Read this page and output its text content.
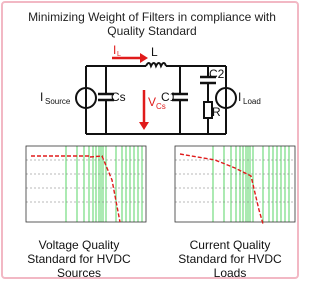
Minimizing Weight of Filters in compliance with
Quality Standard
L
Cs	C1
C2
R
I	I
Source	Load
I L
V Cs
Voltage Quality
Standard for HVDC
Sources
Current Quality
Standard for HVDC
Loads
